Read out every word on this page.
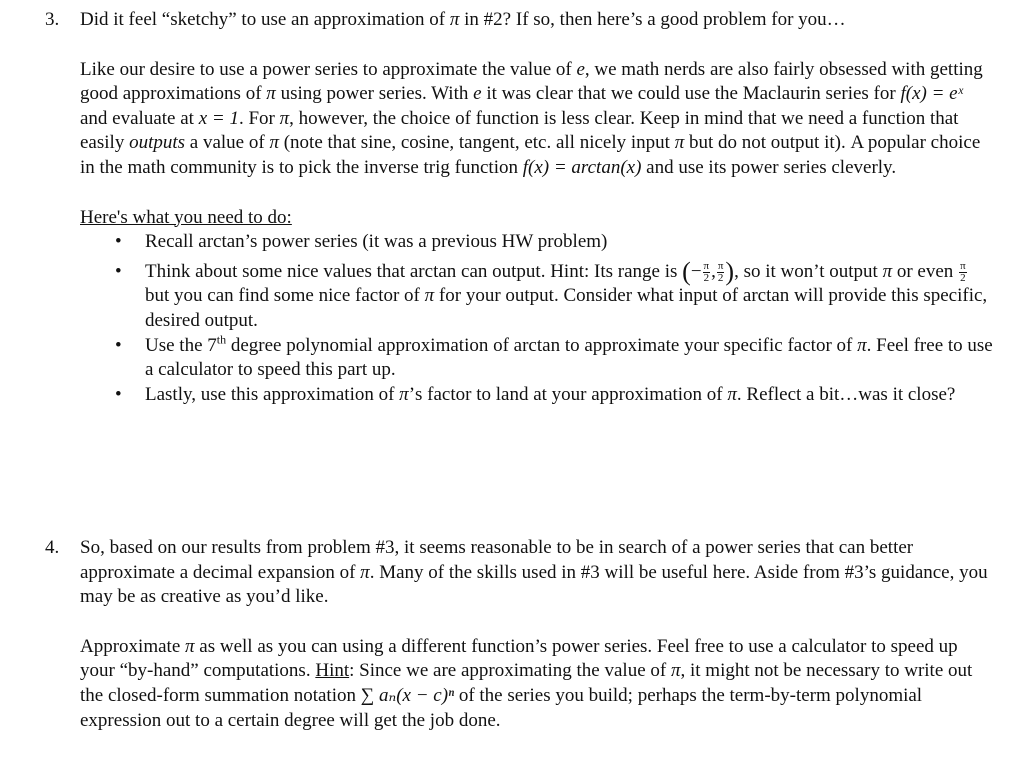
3. Did it feel “sketchy” to use an approximation of π in #2? If so, then here’s a good problem for you…
Like our desire to use a power series to approximate the value of e, we math nerds are also fairly obsessed with getting good approximations of π using power series. With e it was clear that we could use the Maclaurin series for f(x) = eˣ and evaluate at x = 1. For π, however, the choice of function is less clear. Keep in mind that we need a function that easily outputs a value of π (note that sine, cosine, tangent, etc. all nicely input π but do not output it). A popular choice in the math community is to pick the inverse trig function f(x) = arctan(x) and use its power series cleverly.
Here's what you need to do:
• Recall arctan’s power series (it was a previous HW problem)
• Think about some nice values that arctan can output. Hint: Its range is (− $\frac{\pi}{2}$ , $\frac{\pi}{2}$ ), so it won’t output π or even $\frac{\pi}{2}$
but you can find some nice factor of π for your output. Consider what input of arctan will provide this specific, desired output.
• Use the 7th degree polynomial approximation of arctan to approximate your specific factor of π. Feel free to use a calculator to speed this part up.
• Lastly, use this approximation of π’s factor to land at your approximation of π. Reflect a bit…was it close?
4. So, based on our results from problem #3, it seems reasonable to be in search of a power series that can better approximate a decimal expansion of π. Many of the skills used in #3 will be useful here. Aside from #3’s guidance, you may be as creative as you’d like.
Approximate π as well as you can using a different function’s power series. Feel free to use a calculator to speed up your “by-hand” computations. Hint: Since we are approximating the value of π, it might not be necessary to write out the closed-form summation notation ∑ aₙ(x − c)ⁿ of the series you build; perhaps the term-by-term polynomial expression out to a certain degree will get the job done.
